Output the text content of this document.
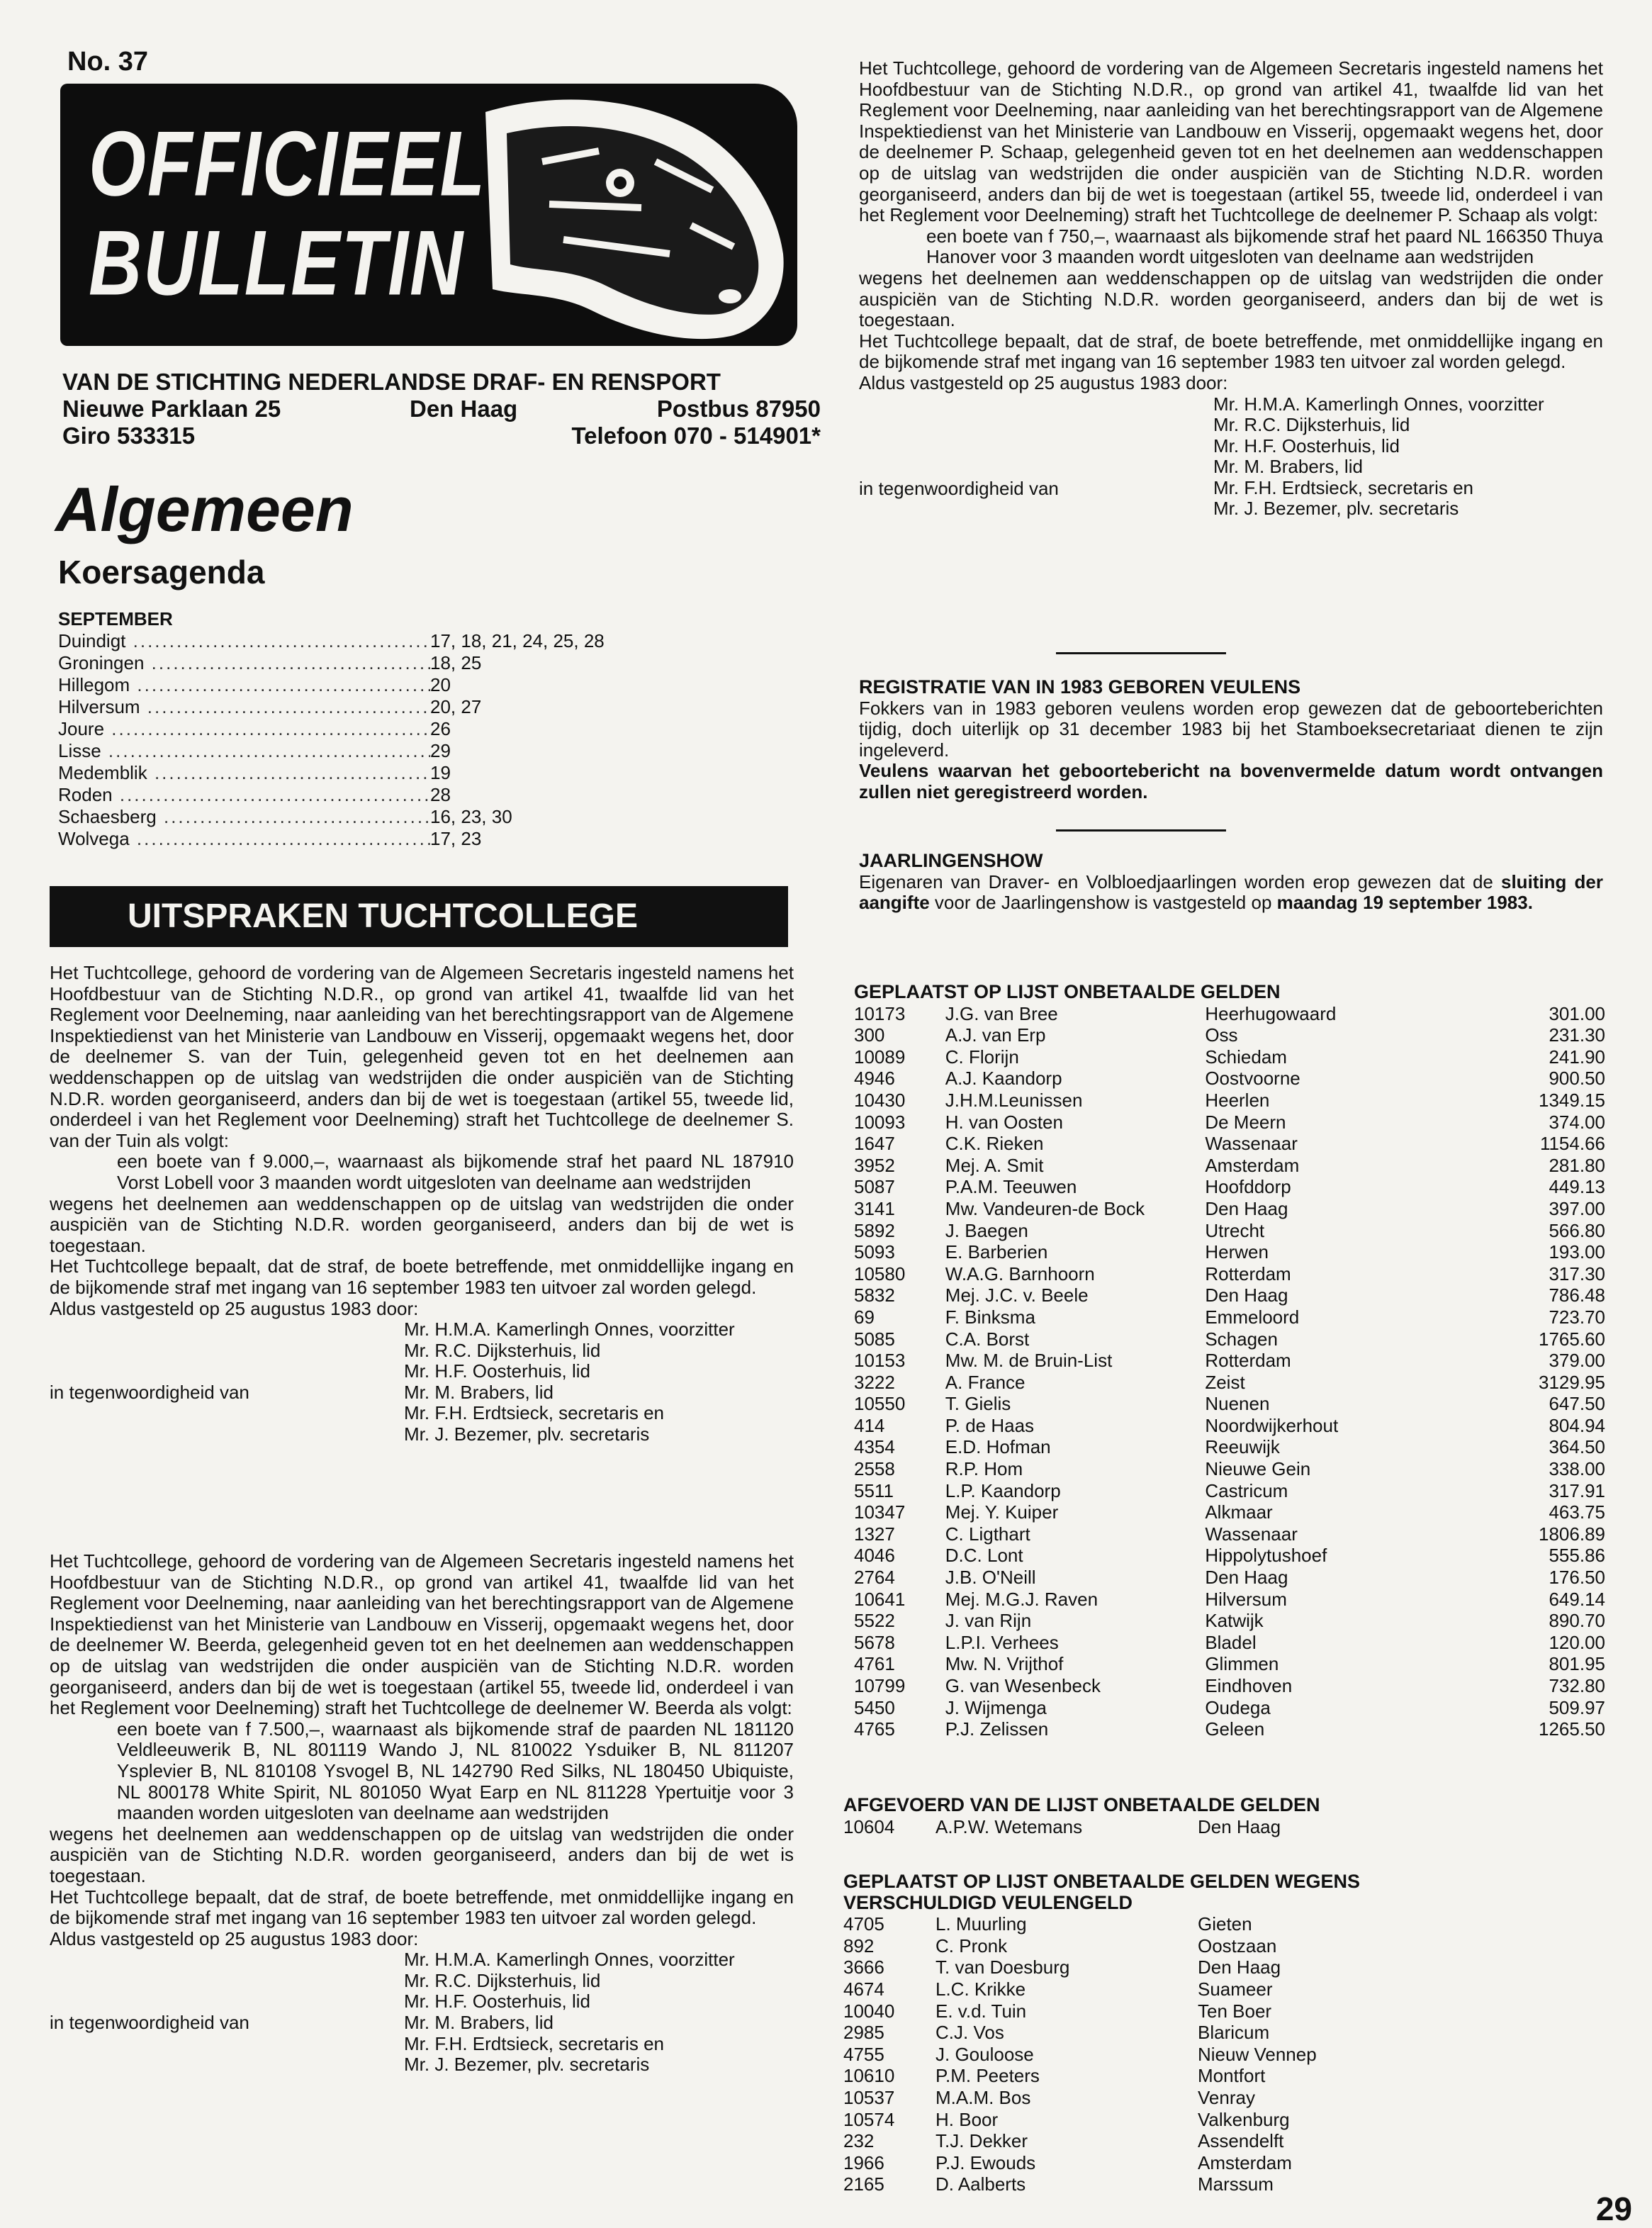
No. 37
OFFICIEEL
BULLETIN
VAN DE STICHTING NEDERLANDSE DRAF- EN RENSPORT
Nieuwe Parklaan 25	Den Haag	Postbus 87950
Giro 533315	Telefoon 070 - 514901*
Algemeen
Koersagenda
SEPTEMBER
Duindigt .....	17, 18, 21, 24, 25, 28
Groningen .....	18, 25
Hillegom .....	20
Hilversum .....	20, 27
Joure .....	26
Lisse .....	29
Medemblik .....	19
Roden .....	28
Schaesberg .....	16, 23, 30
Wolvega .....	17, 23
UITSPRAKEN TUCHTCOLLEGE
Het Tuchtcollege, gehoord de vordering van de Algemeen Secretaris ingesteld namens het Hoofdbestuur van de Stichting N.D.R., op grond van artikel 41, twaalfde lid van het Reglement voor Deelneming, naar aanleiding van het berechtingsrapport van de Algemene Inspektiedienst van het Ministerie van Landbouw en Visserij, opgemaakt wegens het, door de deelnemer S. van der Tuin, gelegenheid geven tot en het deelnemen aan weddenschappen op de uitslag van wedstrijden die onder auspiciën van de Stichting N.D.R. worden georganiseerd, anders dan bij de wet is toegestaan (artikel 55, tweede lid, onderdeel i van het Reglement voor Deelneming) straft het Tuchtcollege de deelnemer S. van der Tuin als volgt:
een boete van f 9.000,–, waarnaast als bijkomende straf het paard NL 187910 Vorst Lobell voor 3 maanden wordt uitgesloten van deelname aan wedstrijden
wegens het deelnemen aan weddenschappen op de uitslag van wedstrijden die onder auspiciën van de Stichting N.D.R. worden georganiseerd, anders dan bij de wet is toegestaan.
Het Tuchtcollege bepaalt, dat de straf, de boete betreffende, met onmiddellijke ingang en de bijkomende straf met ingang van 16 september 1983 ten uitvoer zal worden gelegd.
Aldus vastgesteld op 25 augustus 1983 door:
in tegenwoordigheid van
Mr. H.M.A. Kamerlingh Onnes, voorzitter
Mr. R.C. Dijksterhuis, lid
Mr. H.F. Oosterhuis, lid
Mr. M. Brabers, lid
Mr. F.H. Erdtsieck, secretaris en
Mr. J. Bezemer, plv. secretaris
Het Tuchtcollege, gehoord de vordering van de Algemeen Secretaris ingesteld namens het Hoofdbestuur van de Stichting N.D.R., op grond van artikel 41, twaalfde lid van het Reglement voor Deelneming, naar aanleiding van het berechtingsrapport van de Algemene Inspektiedienst van het Ministerie van Landbouw en Visserij, opgemaakt wegens het, door de deelnemer W. Beerda, gelegenheid geven tot en het deelnemen aan weddenschappen op de uitslag van wedstrijden die onder auspiciën van de Stichting N.D.R. worden georganiseerd, anders dan bij de wet is toegestaan (artikel 55, tweede lid, onderdeel i van het Reglement voor Deelneming) straft het Tuchtcollege de deelnemer W. Beerda als volgt:
een boete van f 7.500,–, waarnaast als bijkomende straf de paarden NL 181120 Veldleeuwerik B, NL 801119 Wando J, NL 810022 Ysduiker B, NL 811207 Ysplevier B, NL 810108 Ysvogel B, NL 142790 Red Silks, NL 180450 Ubiquiste, NL 800178 White Spirit, NL 801050 Wyat Earp en NL 811228 Ypertuitje voor 3 maanden worden uitgesloten van deelname aan wedstrijden
wegens het deelnemen aan weddenschappen op de uitslag van wedstrijden die onder auspiciën van de Stichting N.D.R. worden georganiseerd, anders dan bij de wet is toegestaan.
Het Tuchtcollege bepaalt, dat de straf, de boete betreffende, met onmiddellijke ingang en de bijkomende straf met ingang van 16 september 1983 ten uitvoer zal worden gelegd.
Aldus vastgesteld op 25 augustus 1983 door:
in tegenwoordigheid van
Mr. H.M.A. Kamerlingh Onnes, voorzitter
Mr. R.C. Dijksterhuis, lid
Mr. H.F. Oosterhuis, lid
Mr. M. Brabers, lid
Mr. F.H. Erdtsieck, secretaris en
Mr. J. Bezemer, plv. secretaris
Het Tuchtcollege, gehoord de vordering van de Algemeen Secretaris ingesteld namens het Hoofdbestuur van de Stichting N.D.R., op grond van artikel 41, twaalfde lid van het Reglement voor Deelneming, naar aanleiding van het berechtingsrapport van de Algemene Inspektiedienst van het Ministerie van Landbouw en Visserij, opgemaakt wegens het, door de deelnemer P. Schaap, gelegenheid geven tot en het deelnemen aan weddenschappen op de uitslag van wedstrijden die onder auspiciën van de Stichting N.D.R. worden georganiseerd, anders dan bij de wet is toegestaan (artikel 55, tweede lid, onderdeel i van het Reglement voor Deelneming) straft het Tuchtcollege de deelnemer P. Schaap als volgt:
een boete van f 750,–, waarnaast als bijkomende straf het paard NL 166350 Thuya Hanover voor 3 maanden wordt uitgesloten van deelname aan wedstrijden
wegens het deelnemen aan weddenschappen op de uitslag van wedstrijden die onder auspiciën van de Stichting N.D.R. worden georganiseerd, anders dan bij de wet is toegestaan.
Het Tuchtcollege bepaalt, dat de straf, de boete betreffende, met onmiddellijke ingang en de bijkomende straf met ingang van 16 september 1983 ten uitvoer zal worden gelegd.
Aldus vastgesteld op 25 augustus 1983 door:
in tegenwoordigheid van
Mr. H.M.A. Kamerlingh Onnes, voorzitter
Mr. R.C. Dijksterhuis, lid
Mr. H.F. Oosterhuis, lid
Mr. M. Brabers, lid
Mr. F.H. Erdtsieck, secretaris en
Mr. J. Bezemer, plv. secretaris
REGISTRATIE VAN IN 1983 GEBOREN VEULENS
Fokkers van in 1983 geboren veulens worden erop gewezen dat de geboorteberichten tijdig, doch uiterlijk op 31 december 1983 bij het Stamboeksecretariaat dienen te zijn ingeleverd.
Veulens waarvan het geboortebericht na bovenvermelde datum wordt ontvangen zullen niet geregistreerd worden.
JAARLINGENSHOW
Eigenaren van Draver- en Volbloedjaarlingen worden erop gewezen dat de sluiting der aangifte voor de Jaarlingenshow is vastgesteld op maandag 19 september 1983.
GEPLAATST OP LIJST ONBETAALDE GELDEN
10173	J.G. van Bree	Heerhugowaard	301.00
300	A.J. van Erp	Oss	231.30
10089	C. Florijn	Schiedam	241.90
4946	A.J. Kaandorp	Oostvoorne	900.50
10430	J.H.M.Leunissen	Heerlen	1349.15
10093	H. van Oosten	De Meern	374.00
1647	C.K. Rieken	Wassenaar	1154.66
3952	Mej. A. Smit	Amsterdam	281.80
5087	P.A.M. Teeuwen	Hoofddorp	449.13
3141	Mw. Vandeuren-de Bock	Den Haag	397.00
5892	J. Baegen	Utrecht	566.80
5093	E. Barberien	Herwen	193.00
10580	W.A.G. Barnhoorn	Rotterdam	317.30
5832	Mej. J.C. v. Beele	Den Haag	786.48
69	F. Binksma	Emmeloord	723.70
5085	C.A. Borst	Schagen	1765.60
10153	Mw. M. de Bruin-List	Rotterdam	379.00
3222	A. France	Zeist	3129.95
10550	T. Gielis	Nuenen	647.50
414	P. de Haas	Noordwijkerhout	804.94
4354	E.D. Hofman	Reeuwijk	364.50
2558	R.P. Hom	Nieuwe Gein	338.00
5511	L.P. Kaandorp	Castricum	317.91
10347	Mej. Y. Kuiper	Alkmaar	463.75
1327	C. Ligthart	Wassenaar	1806.89
4046	D.C. Lont	Hippolytushoef	555.86
2764	J.B. O'Neill	Den Haag	176.50
10641	Mej. M.G.J. Raven	Hilversum	649.14
5522	J. van Rijn	Katwijk	890.70
5678	L.P.I. Verhees	Bladel	120.00
4761	Mw. N. Vrijthof	Glimmen	801.95
10799	G. van Wesenbeck	Eindhoven	732.80
5450	J. Wijmenga	Oudega	509.97
4765	P.J. Zelissen	Geleen	1265.50
AFGEVOERD VAN DE LIJST ONBETAALDE GELDEN
10604	A.P.W. Wetemans	Den Haag
GEPLAATST OP LIJST ONBETAALDE GELDEN WEGENS
VERSCHULDIGD VEULENGELD
4705	L. Muurling	Gieten
892	C. Pronk	Oostzaan
3666	T. van Doesburg	Den Haag
4674	L.C. Krikke	Suameer
10040	E. v.d. Tuin	Ten Boer
2985	C.J. Vos	Blaricum
4755	J. Gouloose	Nieuw Vennep
10610	P.M. Peeters	Montfort
10537	M.A.M. Bos	Venray
10574	H. Boor	Valkenburg
232	T.J. Dekker	Assendelft
1966	P.J. Ewouds	Amsterdam
2165	D. Aalberts	Marssum
29
